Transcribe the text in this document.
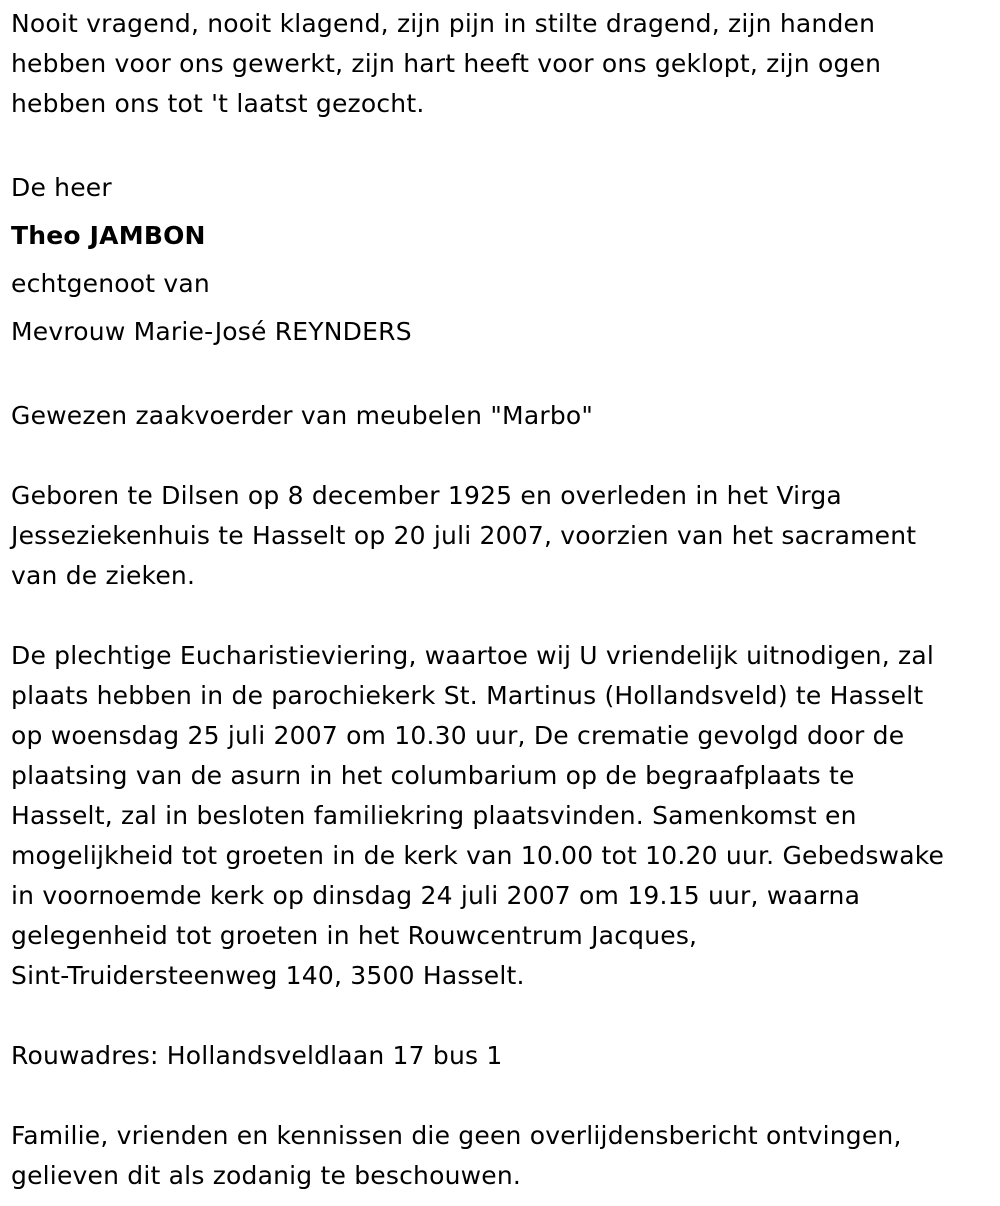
Nooit vragend, nooit klagend, zijn pijn in stilte dragend, zijn handen
hebben voor ons gewerkt, zijn hart heeft voor ons geklopt, zijn ogen
hebben ons tot 't laatst gezocht.

De heer
Theo JAMBON
echtgenoot van
Mevrouw Marie-José REYNDERS

Gewezen zaakvoerder van meubelen "Marbo"

Geboren te Dilsen op 8 december 1925 en overleden in het Virga
Jesseziekenhuis te Hasselt op 20 juli 2007, voorzien van het sacrament
van de zieken.

De plechtige Eucharistieviering, waartoe wij U vriendelijk uitnodigen, zal
plaats hebben in de parochiekerk St. Martinus (Hollandsveld) te Hasselt
op woensdag 25 juli 2007 om 10.30 uur, De crematie gevolgd door de
plaatsing van de asurn in het columbarium op de begraafplaats te
Hasselt, zal in besloten familiekring plaatsvinden. Samenkomst en
mogelijkheid tot groeten in de kerk van 10.00 tot 10.20 uur. Gebedswake
in voornoemde kerk op dinsdag 24 juli 2007 om 19.15 uur, waarna
gelegenheid tot groeten in het Rouwcentrum Jacques,
Sint-Truidersteenweg 140, 3500 Hasselt.

Rouwadres: Hollandsveldlaan 17 bus 1

Familie, vrienden en kennissen die geen overlijdensbericht ontvingen,
gelieven dit als zodanig te beschouwen.
